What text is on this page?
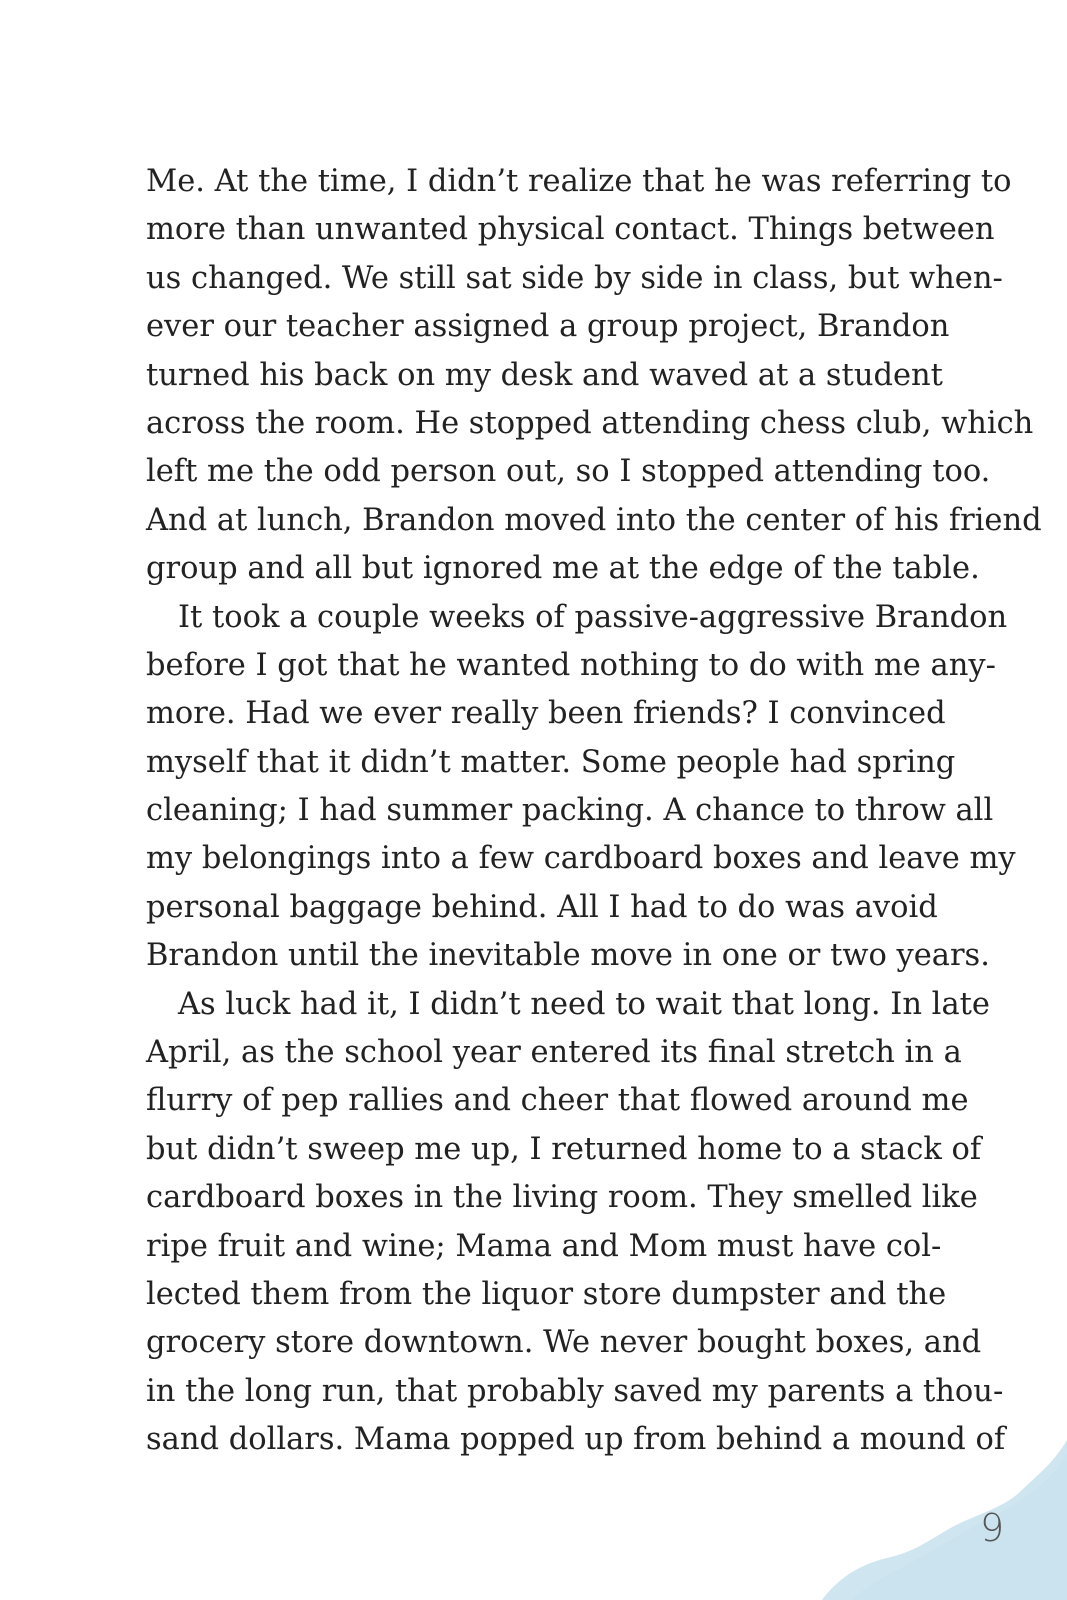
Me. At the time, I didn’t realize that he was referring to
more than unwanted physical contact. Things between
us changed. We still sat side by side in class, but when-
ever our teacher assigned a group project, Brandon
turned his back on my desk and waved at a student
across the room. He stopped attending chess club, which
left me the odd person out, so I stopped attending too.
And at lunch, Brandon moved into the center of his friend
group and all but ignored me at the edge of the table.
It took a couple weeks of passive-aggressive Brandon
before I got that he wanted nothing to do with me any-
more. Had we ever really been friends? I convinced
myself that it didn’t matter. Some people had spring
cleaning; I had summer packing. A chance to throw all
my belongings into a few cardboard boxes and leave my
personal baggage behind. All I had to do was avoid
Brandon until the inevitable move in one or two years.
As luck had it, I didn’t need to wait that long. In late
April, as the school year entered its final stretch in a
flurry of pep rallies and cheer that flowed around me
but didn’t sweep me up, I returned home to a stack of
cardboard boxes in the living room. They smelled like
ripe fruit and wine; Mama and Mom must have col-
lected them from the liquor store dumpster and the
grocery store downtown. We never bought boxes, and
in the long run, that probably saved my parents a thou-
sand dollars. Mama popped up from behind a mound of
9
